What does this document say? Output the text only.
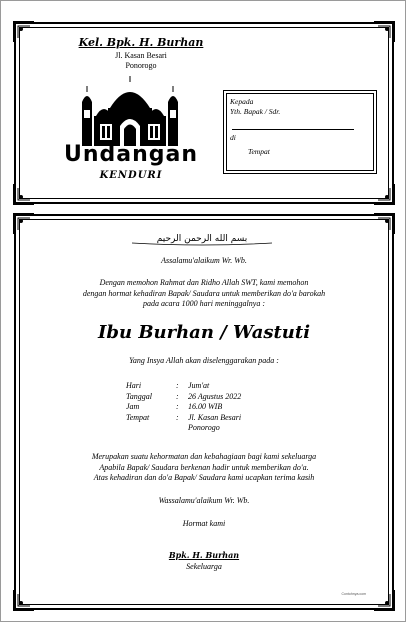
Kel. Bpk. H. Burhan
Jl. Kasan Besari
Ponorogo
Undangan
KENDURI
Kepada
Yth. Bapak / Sdr.
di
Tempat
بسم الله الرحمن الرحيم
Assalamu'alaikum Wr. Wb.
Dengan memohon Rahmat dan Ridho Allah SWT, kami memohon
dengan hormat kehadiran Bapak/ Saudara untuk memberikan do'a barokah
pada acara 1000 hari meninggalnya :
Ibu Burhan / Wastuti
Yang Insya Allah akan diselenggarakan pada :
Hari	:	Jum'at
Tanggal	:	26 Agustus 2022
Jam	:	16.00 WIB
Tempat	:	Jl. Kasan Besari
Ponorogo
Merupakan suatu kehormatan dan kebahagiaan bagi kami sekeluarga
Apabila Bapak/ Saudara berkenan hadir untuk memberikan do'a.
Atas kehadiran dan do'a Bapak/ Saudara kami ucapkan terima kasih
Wassalamu'alaikum Wr. Wb.
Hormat kami
Bpk. H. Burhan
Sekeluarga
Contohnya.com
